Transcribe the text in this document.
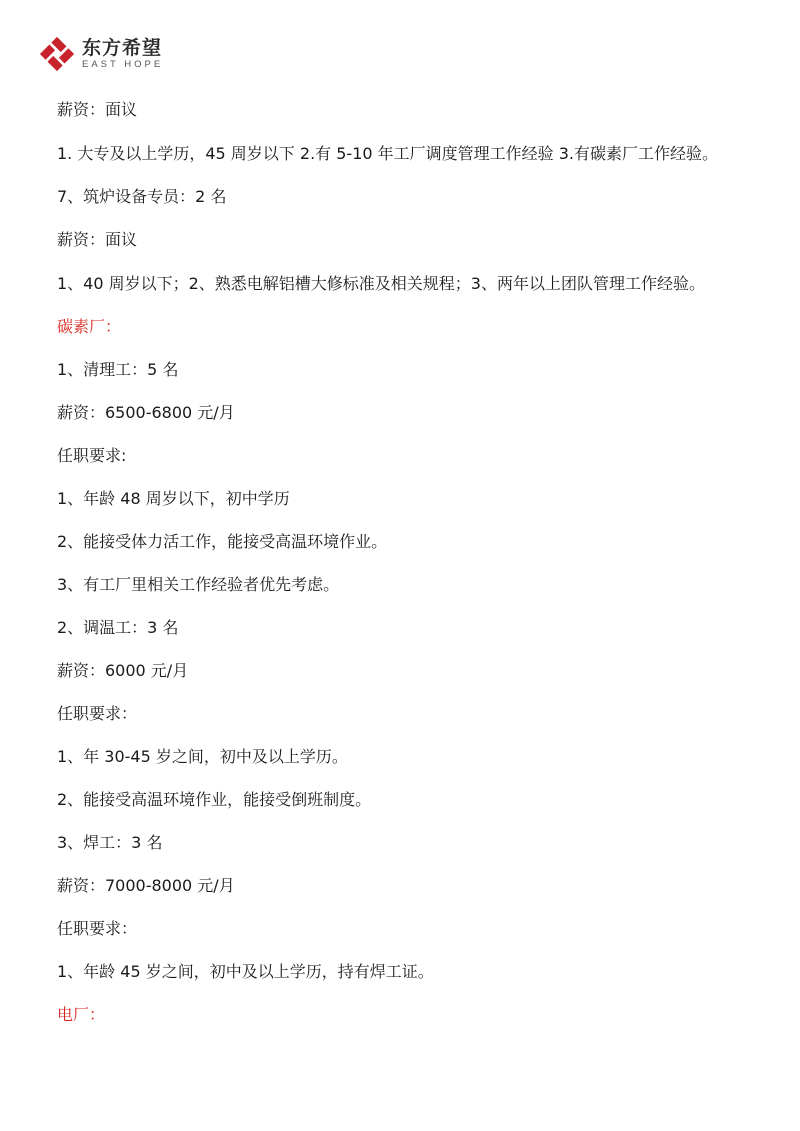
东方希望
EAST HOPE

薪资：面议

1. 大专及以上学历，45 周岁以下 2.有 5-10 年工厂调度管理工作经验 3.有碳素厂工作经验。

7、筑炉设备专员：2 名

薪资：面议

1、40 周岁以下；2、熟悉电解铝槽大修标准及相关规程；3、两年以上团队管理工作经验。

碳素厂：

1、清理工：5 名

薪资：6500-6800 元/月

任职要求:

1、年龄 48 周岁以下，初中学历

2、能接受体力活工作，能接受高温环境作业。

3、有工厂里相关工作经验者优先考虑。

2、调温工：3 名

薪资：6000 元/月

任职要求：

1、年 30-45 岁之间，初中及以上学历。

2、能接受高温环境作业，能接受倒班制度。

3、焊工：3 名

薪资：7000-8000 元/月

任职要求：

1、年龄 45 岁之间，初中及以上学历，持有焊工证。

电厂：
